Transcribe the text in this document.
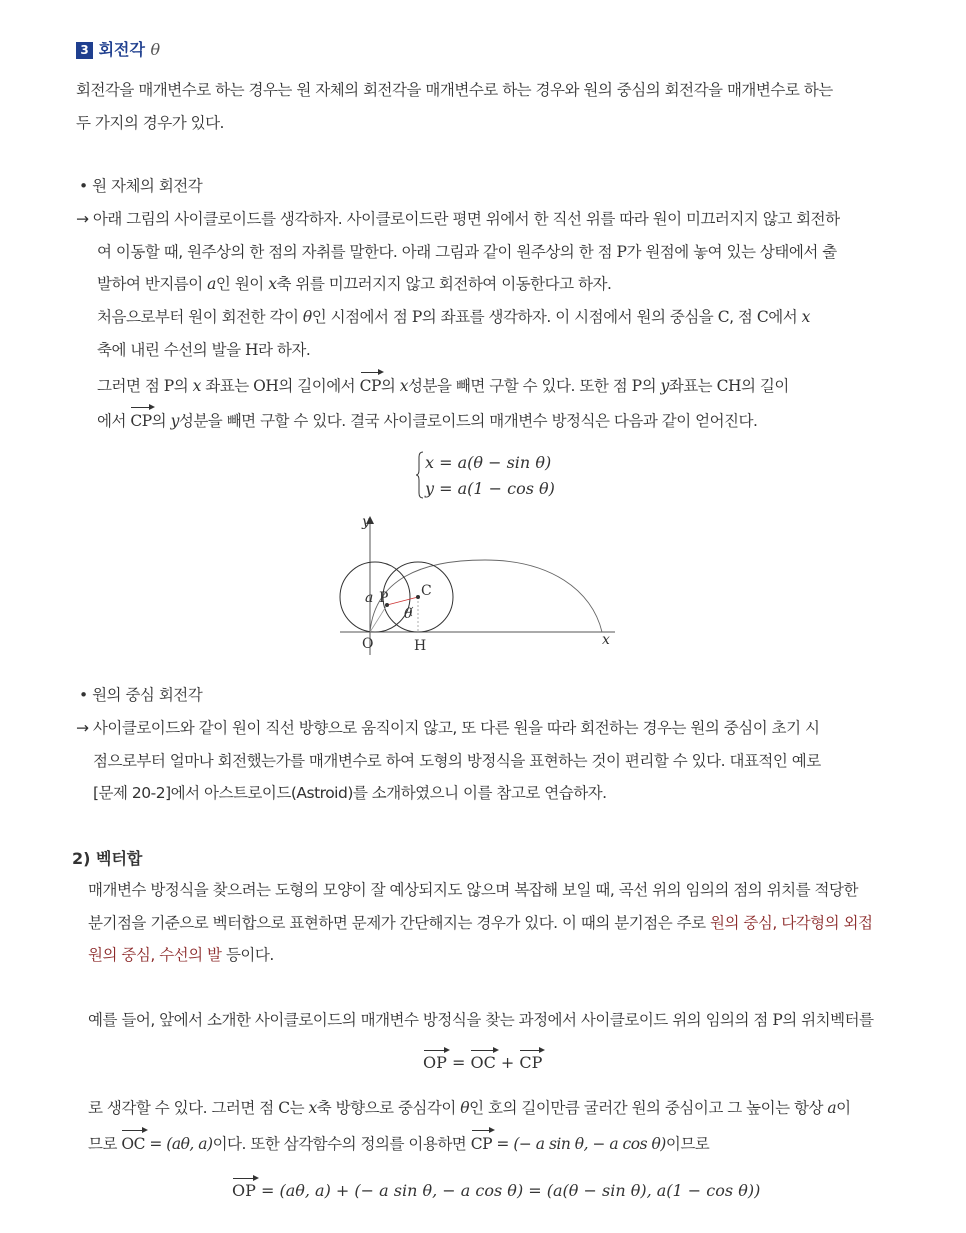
3 회전각 θ
회전각을 매개변수로 하는 경우는 원 자체의 회전각을 매개변수로 하는 경우와 원의 중심의 회전각을 매개변수로 하는
두 가지의 경우가 있다.
• 원 자체의 회전각
→ 아래 그림의 사이클로이드를 생각하자. 사이클로이드란 평면 위에서 한 직선 위를 따라 원이 미끄러지지 않고 회전하
여 이동할 때, 원주상의 한 점의 자취를 말한다. 아래 그림과 같이 원주상의 한 점 P가 원점에 놓여 있는 상태에서 출
발하여 반지름이 a인 원이 x축 위를 미끄러지지 않고 회전하여 이동한다고 하자.
처음으로부터 원이 회전한 각이 θ인 시점에서 점 P의 좌표를 생각하자. 이 시점에서 원의 중심을 C, 점 C에서 x
축에 내린 수선의 발을 H라 하자.
그러면 점 P의 x 좌표는 OH의 길이에서 CP의 x성분을 빼면 구할 수 있다. 또한 점 P의 y좌표는 CH의 길이
에서 CP의 y성분을 빼면 구할 수 있다. 결국 사이클로이드의 매개변수 방정식은 다음과 같이 얻어진다.
x = a(θ − sin θ)
y = a(1 − cos θ)
y
x
O	H
C
P
a
θ
• 원의 중심 회전각
→ 사이클로이드와 같이 원이 직선 방향으로 움직이지 않고, 또 다른 원을 따라 회전하는 경우는 원의 중심이 초기 시
점으로부터 얼마나 회전했는가를 매개변수로 하여 도형의 방정식을 표현하는 것이 편리할 수 있다. 대표적인 예로
[문제 20-2]에서 아스트로이드(Astroid)를 소개하였으니 이를 참고로 연습하자.
2) 벡터합
매개변수 방정식을 찾으려는 도형의 모양이 잘 예상되지도 않으며 복잡해 보일 때, 곡선 위의 임의의 점의 위치를 적당한
분기점을 기준으로 벡터합으로 표현하면 문제가 간단해지는 경우가 있다. 이 때의 분기점은 주로 원의 중심, 다각형의 외접
원의 중심, 수선의 발 등이다.
예를 들어, 앞에서 소개한 사이클로이드의 매개변수 방정식을 찾는 과정에서 사이클로이드 위의 임의의 점 P의 위치벡터를
OP = OC + CP
로 생각할 수 있다. 그러면 점 C는 x축 방향으로 중심각이 θ인 호의 길이만큼 굴러간 원의 중심이고 그 높이는 항상 a이
므로 OC = (aθ, a)이다. 또한 삼각함수의 정의를 이용하면 CP = (− a sin θ, − a cos θ)이므로
OP = (aθ, a) + (− a sin θ, − a cos θ) = (a(θ − sin θ), a(1 − cos θ))
